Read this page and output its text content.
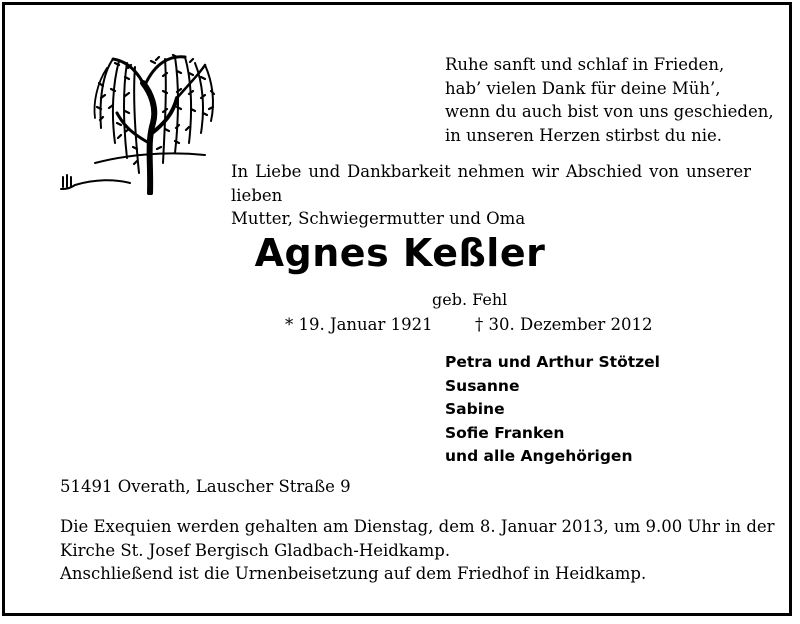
Ruhe sanft und schlaf in Frieden,
hab’ vielen Dank für deine Müh’,
wenn du auch bist von uns geschieden,
in unseren Herzen stirbst du nie.
In Liebe und Dankbarkeit nehmen wir Abschied von unserer lieben
Mutter, Schwiegermutter und Oma
Agnes Keßler
geb. Fehl
* 19. Januar 1921	† 30. Dezember 2012
Petra und Arthur Stötzel
Susanne
Sabine
Sofie Franken
und alle Angehörigen
51491 Overath, Lauscher Straße 9
Die Exequien werden gehalten am Dienstag, dem 8. Januar 2013, um 9.00 Uhr in der
Kirche St. Josef Bergisch Gladbach-Heidkamp.
Anschließend ist die Urnenbeisetzung auf dem Friedhof in Heidkamp.
